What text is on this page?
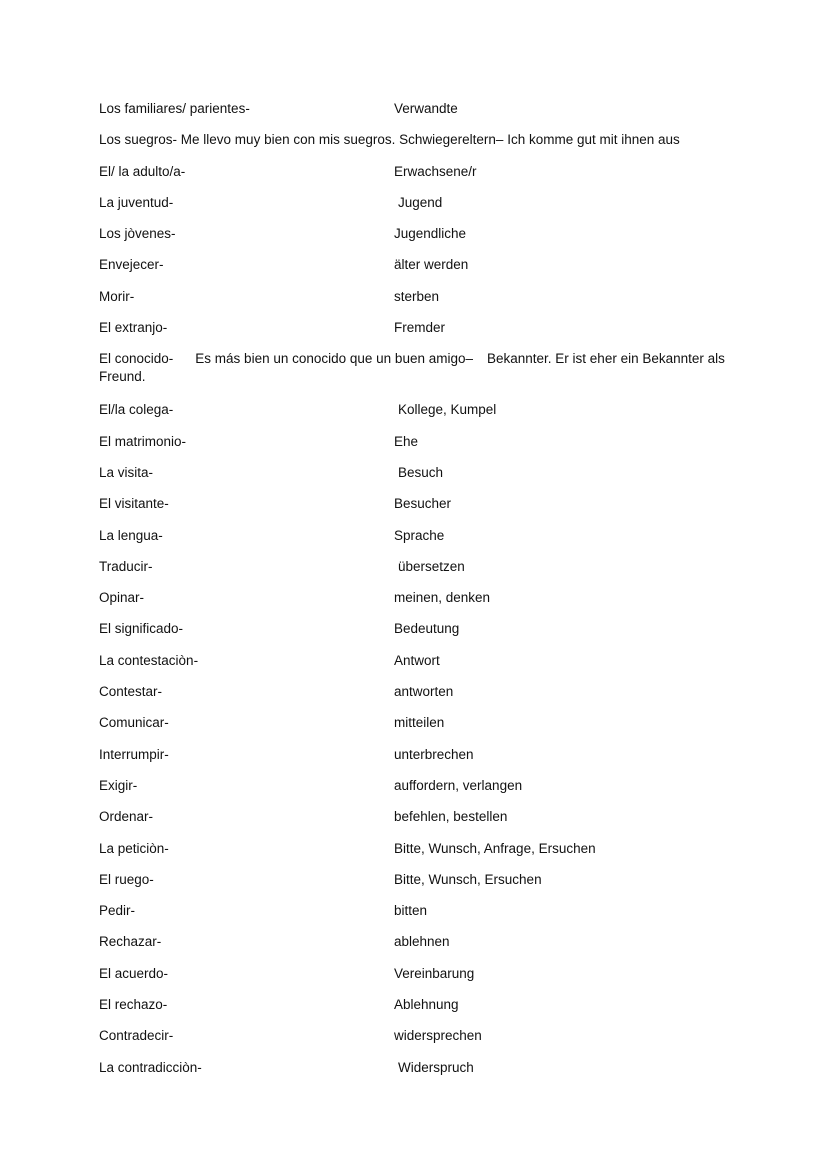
Los familiares/ parientes-	Verwandte
Los suegros- Me llevo muy bien con mis suegros. Schwiegereltern– Ich komme gut mit ihnen aus
El/ la adulto/a-	Erwachsene/r
La juventud-	Jugend
Los jòvenes-	Jugendliche
Envejecer-	älter werden
Morir-	sterben
El extranjo-	Fremder
El conocido- Es más bien un conocido que un buen amigo– Bekannter. Er ist eher ein Bekannter als Freund.
El/la colega-	Kollege, Kumpel
El matrimonio-	Ehe
La visita-	Besuch
El visitante-	Besucher
La lengua-	Sprache
Traducir-	übersetzen
Opinar-	meinen, denken
El significado-	Bedeutung
La contestaciòn-	Antwort
Contestar-	antworten
Comunicar-	mitteilen
Interrumpir-	unterbrechen
Exigir-	auffordern, verlangen
Ordenar-	befehlen, bestellen
La peticiòn-	Bitte, Wunsch, Anfrage, Ersuchen
El ruego-	Bitte, Wunsch, Ersuchen
Pedir-	bitten
Rechazar-	ablehnen
El acuerdo-	Vereinbarung
El rechazo-	Ablehnung
Contradecir-	widersprechen
La contradicciòn-	Widerspruch
